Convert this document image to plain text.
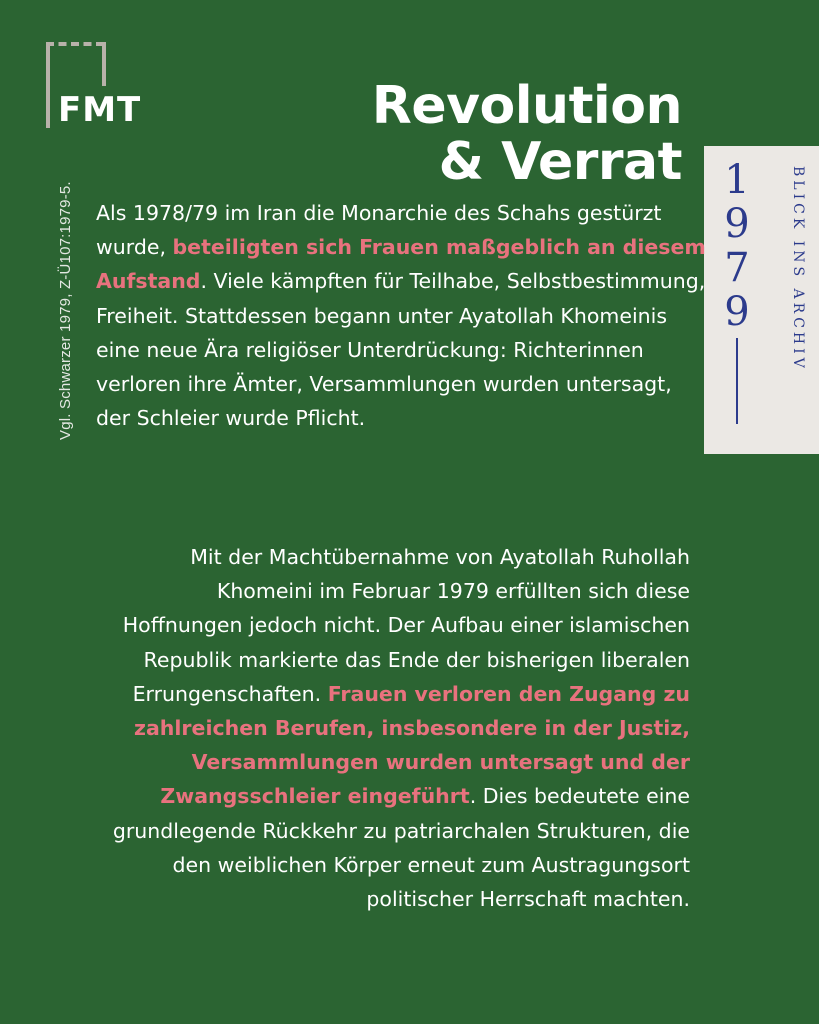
FMT
Vgl. Schwarzer 1979, Z-Ü107:1979-5.
Revolution
& Verrat 1
9
7
9	BLICK INS ARCHIV

Als 1978/79 im Iran die Monarchie des Schahs gestürzt wurde, beteiligten sich Frauen maßgeblich an diesem Aufstand. Viele kämpften für Teilhabe, Selbstbestimmung, Freiheit. Stattdessen begann unter Ayatollah Khomeinis eine neue Ära religiöser Unterdrückung: Richterinnen verloren ihre Ämter, Versammlungen wurden untersagt, der Schleier wurde Pflicht.

Mit der Machtübernahme von Ayatollah Ruhollah Khomeini im Februar 1979 erfüllten sich diese Hoffnungen jedoch nicht. Der Aufbau einer islamischen Republik markierte das Ende der bisherigen liberalen Errungenschaften. Frauen verloren den Zugang zu zahlreichen Berufen, insbesondere in der Justiz, Versammlungen wurden untersagt und der Zwangsschleier eingeführt. Dies bedeutete eine grundlegende Rückkehr zu patriarchalen Strukturen, die den weiblichen Körper erneut zum Austragungsort politischer Herrschaft machten.
